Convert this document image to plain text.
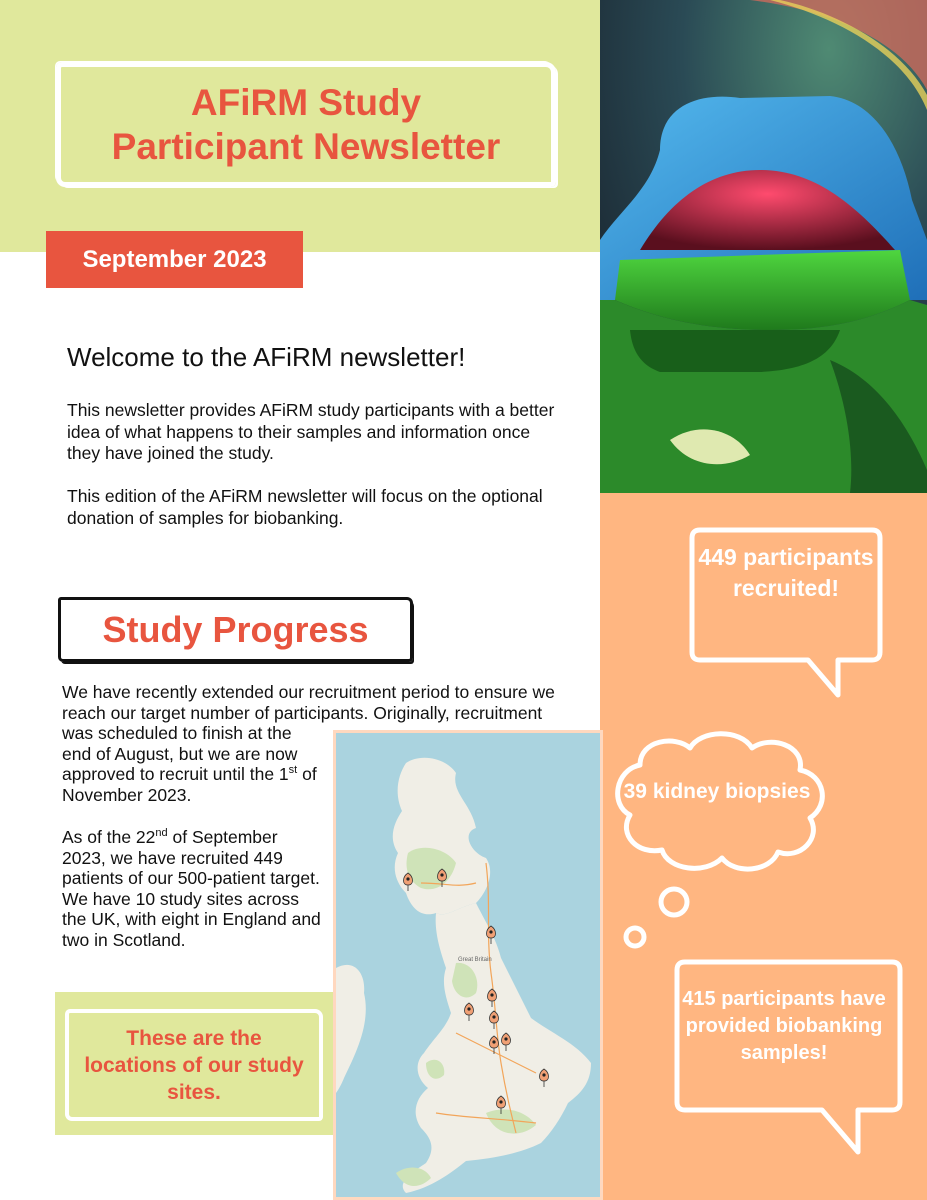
AFiRM Study
Participant Newsletter
September 2023
Welcome to the AFiRM newsletter!

This newsletter provides AFiRM study participants with a better idea of what happens to their samples and information once they have joined the study.

This edition of the AFiRM newsletter will focus on the optional donation of samples for biobanking.

Study Progress

We have recently extended our recruitment period to ensure we reach our target number of participants. Originally, recruitment

was scheduled to finish at the end of August, but we are now approved to recruit until the 1st of November 2023.

As of the 22nd of September 2023, we have recruited 449 patients of our 500-patient target. We have 10 study sites across the UK, with eight in England and two in Scotland.

Great Britain
These are the locations of our study sites.
449 participants recruited!
39 kidney biopsies
415 participants have provided biobanking samples!
